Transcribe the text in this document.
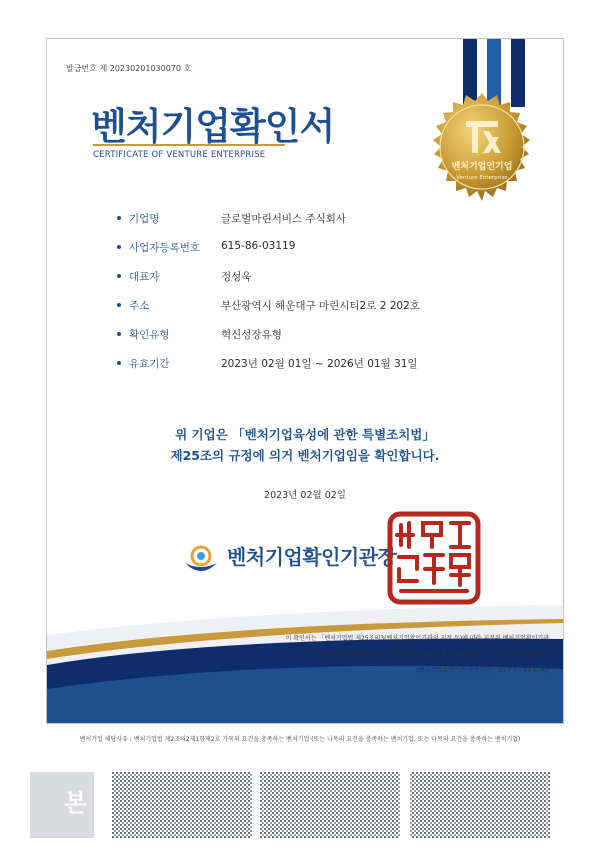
발급번호 제 20230201030070 호
벤처기업확인서
CERTIFICATE OF VENTURE ENTERPRISE
벤처기업인기업
Venture Enterprise
기업명	글로벌마린서비스 주식회사
사업자등록번호 615-86-03119
대표자	정성욱
주소	부산광역시 해운대구 마린시티2로 2 202호
확인유형	혁신성장유형
유효기간	2023년 02월 01일 ~ 2026년 01월 31일
위 기업은 「벤처기업육성에 관한 특별조치법」
제25조의 규정에 의거 벤처기업임을 확인합니다.
2023년 02월 02일
벤처기업확인기관장
이 확인서는 「벤처기업법 제25조의3(벤처기업확인기관의 지정 등)에 따라 지정된 벤처기업확인기관
(사)벤처기업협회)이 벤처기업종합관리시스템을 통해 정보를 확인하고 발급한 확인서입니다.
(벤처기업확인기관 지정기간 : '20.7.1~'23.6.30)
벤처기업 해당사유 : 벤처기업법 제2조의2제1항제2호 가목의 요건을 충족하는 벤처기업 (또는 나목의 요건을 충족하는 벤처기업, 또는 다목의 요건을 충족하는 벤처기업)
본
